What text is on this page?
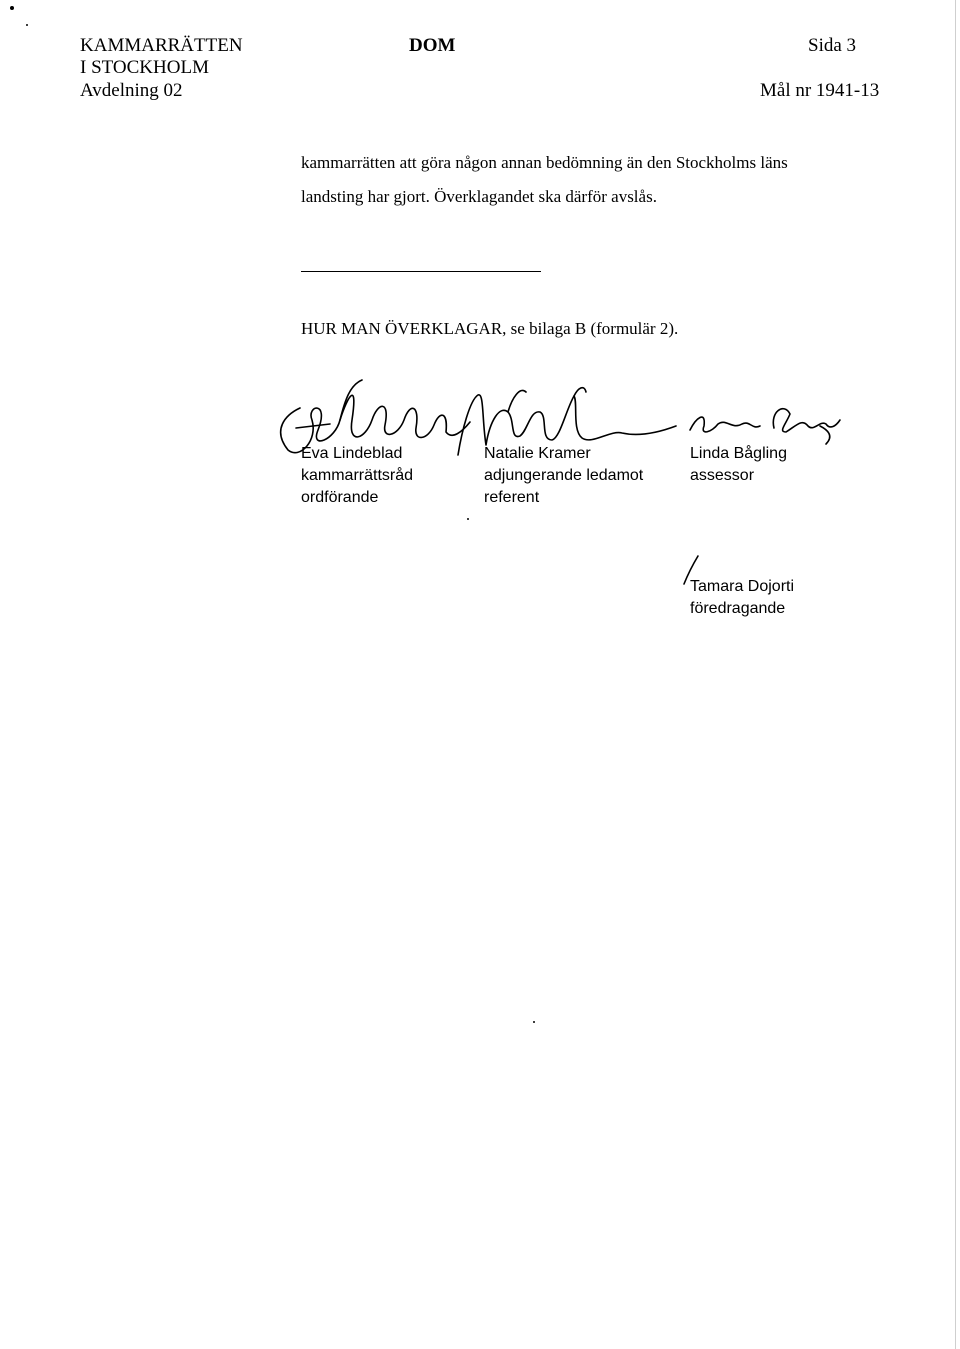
KAMMARRÄTTEN
I STOCKHOLM
Avdelning 02
DOM	Sida 3
Mål nr 1941-13
kammarrätten att göra någon annan bedömning än den Stockholms läns
landsting har gjort. Överklagandet ska därför avslås.
HUR MAN ÖVERKLAGAR, se bilaga B (formulär 2).
Eva Lindeblad
kammarrättsråd
ordförande
Natalie Kramer
adjungerande ledamot
referent
Linda Bågling
assessor
Tamara Dojorti
föredragande
